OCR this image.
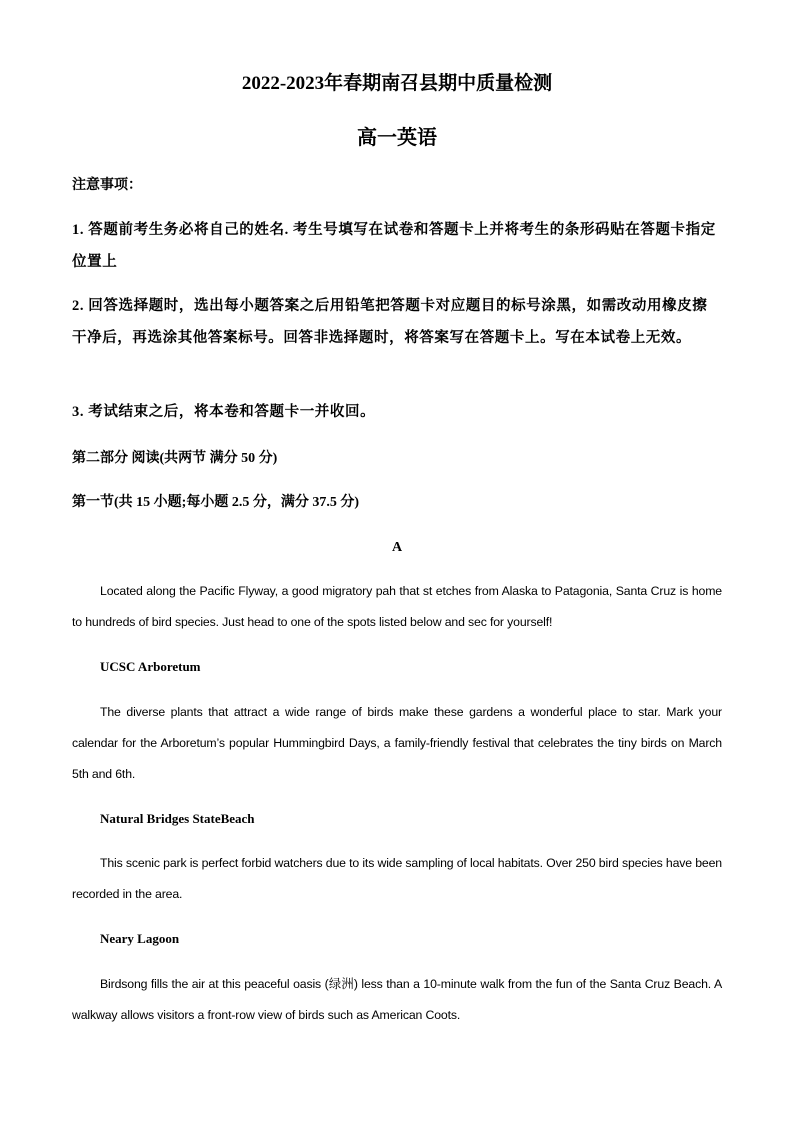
2022-2023年春期南召县期中质量检测
高一英语
注意事项：
1. 答题前考生务必将自己的姓名. 考生号填写在试卷和答题卡上并将考生的条形码贴在答题卡指定位置上
2. 回答选择题时，选出每小题答案之后用铅笔把答题卡对应题目的标号涂黑，如需改动用橡皮擦干净后，再选涂其他答案标号。回答非选择题时，将答案写在答题卡上。写在本试卷上无效。
3. 考试结束之后，将本卷和答题卡一并收回。
第二部分 阅读(共两节 满分 50 分)
第一节(共 15 小题;每小题 2.5 分，满分 37.5 分)
A
Located along the Pacific Flyway, a good migratory pah that st etches from Alaska to Patagonia, Santa Cruz is home to hundreds of bird species. Just head to one of the spots listed below and sec for yourself!
UCSC Arboretum
The diverse plants that attract a wide range of birds make these gardens a wonderful place to star. Mark your calendar for the Arboretum’s popular Hummingbird Days, a family-friendly festival that celebrates the tiny birds on March 5th and 6th.
Natural Bridges StateBeach
This scenic park is perfect forbid watchers due to its wide sampling of local habitats. Over 250 bird species have been recorded in the area.
Neary Lagoon
Birdsong fills the air at this peaceful oasis (绿洲) less than a 10-minute walk from the fun of the Santa Cruz Beach. A walkway allows visitors a front-row view of birds such as American Coots.
